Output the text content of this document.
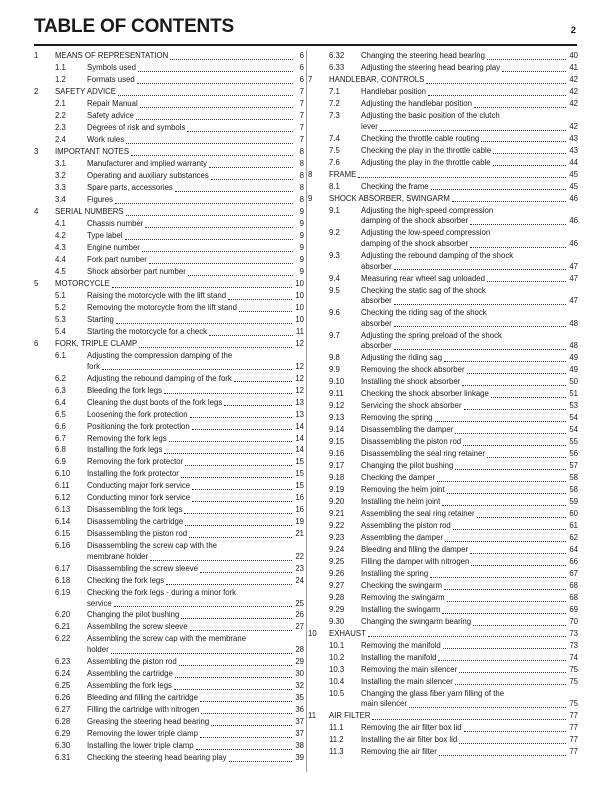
TABLE OF CONTENTS	2
1 MEANS OF REPRESENTATION	6
1.1	Symbols used	6
1.2	Formats used	6
2 SAFETY ADVICE	7
2.1	Repair Manual	7
2.2	Safety advice	7
2.3	Degrees of risk and symbols	7
2.4	Work rules	7
3 IMPORTANT NOTES	8
3.1	Manufacturer and implied warranty	8
3.2	Operating and auxiliary substances	8
3.3	Spare parts, accessories	8
3.4	Figures	8
4 SERIAL NUMBERS	9
4.1	Chassis number	9
4.2	Type label	9
4.3	Engine number	9
4.4	Fork part number	9
4.5	Shock absorber part number	9
5 MOTORCYCLE	10
5.1	Raising the motorcycle with the lift stand	10
5.2	Removing the motorcycle from the lift stand	10
5.3	Starting	10
5.4	Starting the motorcycle for a check	11
6 FORK, TRIPLE CLAMP	12
6.1	Adjusting the compression damping of the
fork	12
6.2	Adjusting the rebound damping of the fork	12
6.3	Bleeding the fork legs	12
6.4	Cleaning the dust boots of the fork legs	13
6.5	Loosening the fork protection	13
6.6	Positioning the fork protection	14
6.7	Removing the fork legs	14
6.8	Installing the fork legs	14
6.9	Removing the fork protector	15
6.10 Installing the fork protector	15
6.11 Conducting major fork service	15
6.12 Conducting minor fork service	16
6.13 Disassembling the fork legs	16
6.14 Disassembling the cartridge	19
6.15 Disassembling the piston rod	21
6.16 Disassembling the screw cap with the
membrane holder	22
6.17 Disassembling the screw sleeve	23
6.18 Checking the fork legs	24
6.19 Checking the fork legs - during a minor fork
service	25
6.20 Changing the pilot bushing	26
6.21 Assembling the screw sleeve	27
6.22 Assembling the screw cap with the membrane
holder	28
6.23 Assembling the piston rod	29
6.24 Assembling the cartridge	30
6.25 Assembling the fork legs	32
6.26 Bleeding and filling the cartridge	35
6.27 Filling the cartridge with nitrogen	36
6.28 Greasing the steering head bearing	37
6.29 Removing the lower triple clamp	37
6.30 Installing the lower triple clamp	38
6.31 Checking the steering head bearing play	39
6.32 Changing the steering head bearing	40
6.33 Adjusting the steering head bearing play	41
7 HANDLEBAR, CONTROLS	42
7.1	Handlebar position	42
7.2	Adjusting the handlebar position	42
7.3	Adjusting the basic position of the clutch
lever	42
7.4	Checking the throttle cable routing	43
7.5	Checking the play in the throttle cable	43
7.6	Adjusting the play in the throttle cable	44
8 FRAME	45
8.1	Checking the frame	45
9 SHOCK ABSORBER, SWINGARM	46
9.1	Adjusting the high-speed compression
damping of the shock absorber	46
9.2	Adjusting the low-speed compression
damping of the shock absorber	46
9.3	Adjusting the rebound damping of the shock
absorber	47
9.4	Measuring rear wheel sag unloaded	47
9.5	Checking the static sag of the shock
absorber	47
9.6	Checking the riding sag of the shock
absorber	48
9.7	Adjusting the spring preload of the shock
absorber	48
9.8	Adjusting the riding sag	49
9.9	Removing the shock absorber	49
9.10 Installing the shock absorber	50
9.11 Checking the shock absorber linkage	51
9.12 Servicing the shock absorber	53
9.13 Removing the spring	54
9.14 Disassembling the damper	54
9.15 Disassembling the piston rod	55
9.16 Disassembling the seal ring retainer	56
9.17 Changing the pilot bushing	57
9.18 Checking the damper	58
9.19 Removing the heim joint	58
9.20 Installing the heim joint	59
9.21 Assembling the seal ring retainer	60
9.22 Assembling the piston rod	61
9.23 Assembling the damper	62
9.24 Bleeding and filling the damper	64
9.25 Filling the damper with nitrogen	66
9.26 Installing the spring	67
9.27 Checking the swingarm	68
9.28 Removing the swingarm	68
9.29 Installing the swingarm	69
9.30 Changing the swingarm bearing	70
10 EXHAUST	73
10.1 Removing the manifold	73
10.2 Installing the manifold	74
10.3 Removing the main silencer	75
10.4 Installing the main silencer	75
10.5 Changing the glass fiber yarn filling of the
main silencer	75
11 AIR FILTER	77
11.1 Removing the air filter box lid	77
11.2 Installing the air filter box lid	77
11.3 Removing the air filter	77
